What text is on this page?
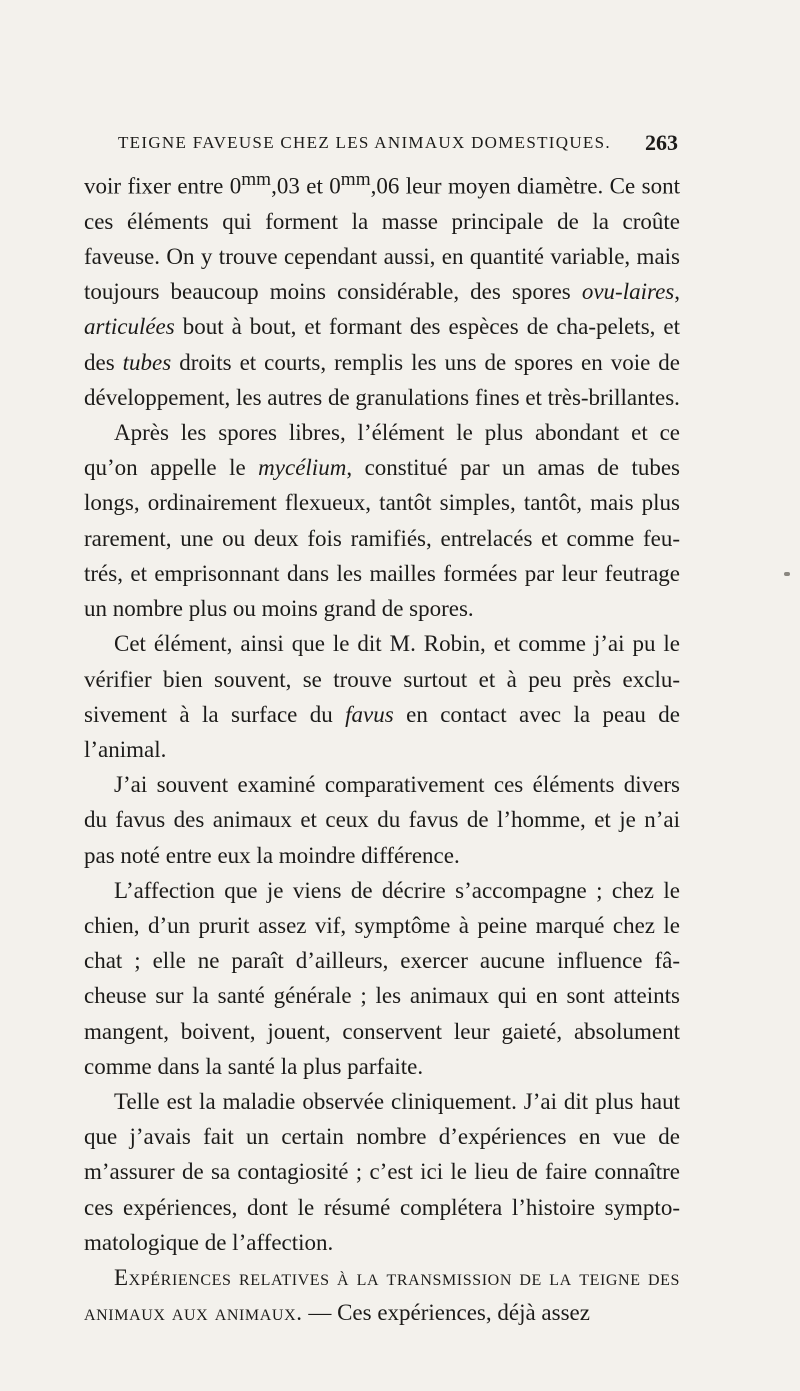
TEIGNE FAVEUSE CHEZ LES ANIMAUX DOMESTIQUES. 263

voir fixer entre $0^{mm},03$ et $0^{mm},06$ leur moyen diamètre. Ce sont ces éléments qui forment la masse principale de la croûte faveuse. On y trouve cependant aussi, en quantité variable, mais toujours beaucoup moins considérable, des spores ovu-laires, articulées bout à bout, et formant des espèces de cha-pelets, et des tubes droits et courts, remplis les uns de spores en voie de développement, les autres de granulations fines et très-brillantes.

Après les spores libres, l’élément le plus abondant et ce qu’on appelle le mycélium, constitué par un amas de tubes longs, ordinairement flexueux, tantôt simples, tantôt, mais plus rarement, une ou deux fois ramifiés, entrelacés et comme feu-trés, et emprisonnant dans les mailles formées par leur feutrage un nombre plus ou moins grand de spores.

Cet élément, ainsi que le dit M. Robin, et comme j’ai pu le vérifier bien souvent, se trouve surtout et à peu près exclu-sivement à la surface du favus en contact avec la peau de l’animal.

J’ai souvent examiné comparativement ces éléments divers du favus des animaux et ceux du favus de l’homme, et je n’ai pas noté entre eux la moindre différence.

L’affection que je viens de décrire s’accompagne ; chez le chien, d’un prurit assez vif, symptôme à peine marqué chez le chat ; elle ne paraît d’ailleurs, exercer aucune influence fâ-cheuse sur la santé générale ; les animaux qui en sont atteints mangent, boivent, jouent, conservent leur gaieté, absolument comme dans la santé la plus parfaite.

Telle est la maladie observée cliniquement. J’ai dit plus haut que j’avais fait un certain nombre d’expériences en vue de m’assurer de sa contagiosité ; c’est ici le lieu de faire connaître ces expériences, dont le résumé complétera l’histoire sympto-matologique de l’affection.

Expériences relatives à la transmission de la teigne des animaux aux animaux. — Ces expériences, déjà assez
